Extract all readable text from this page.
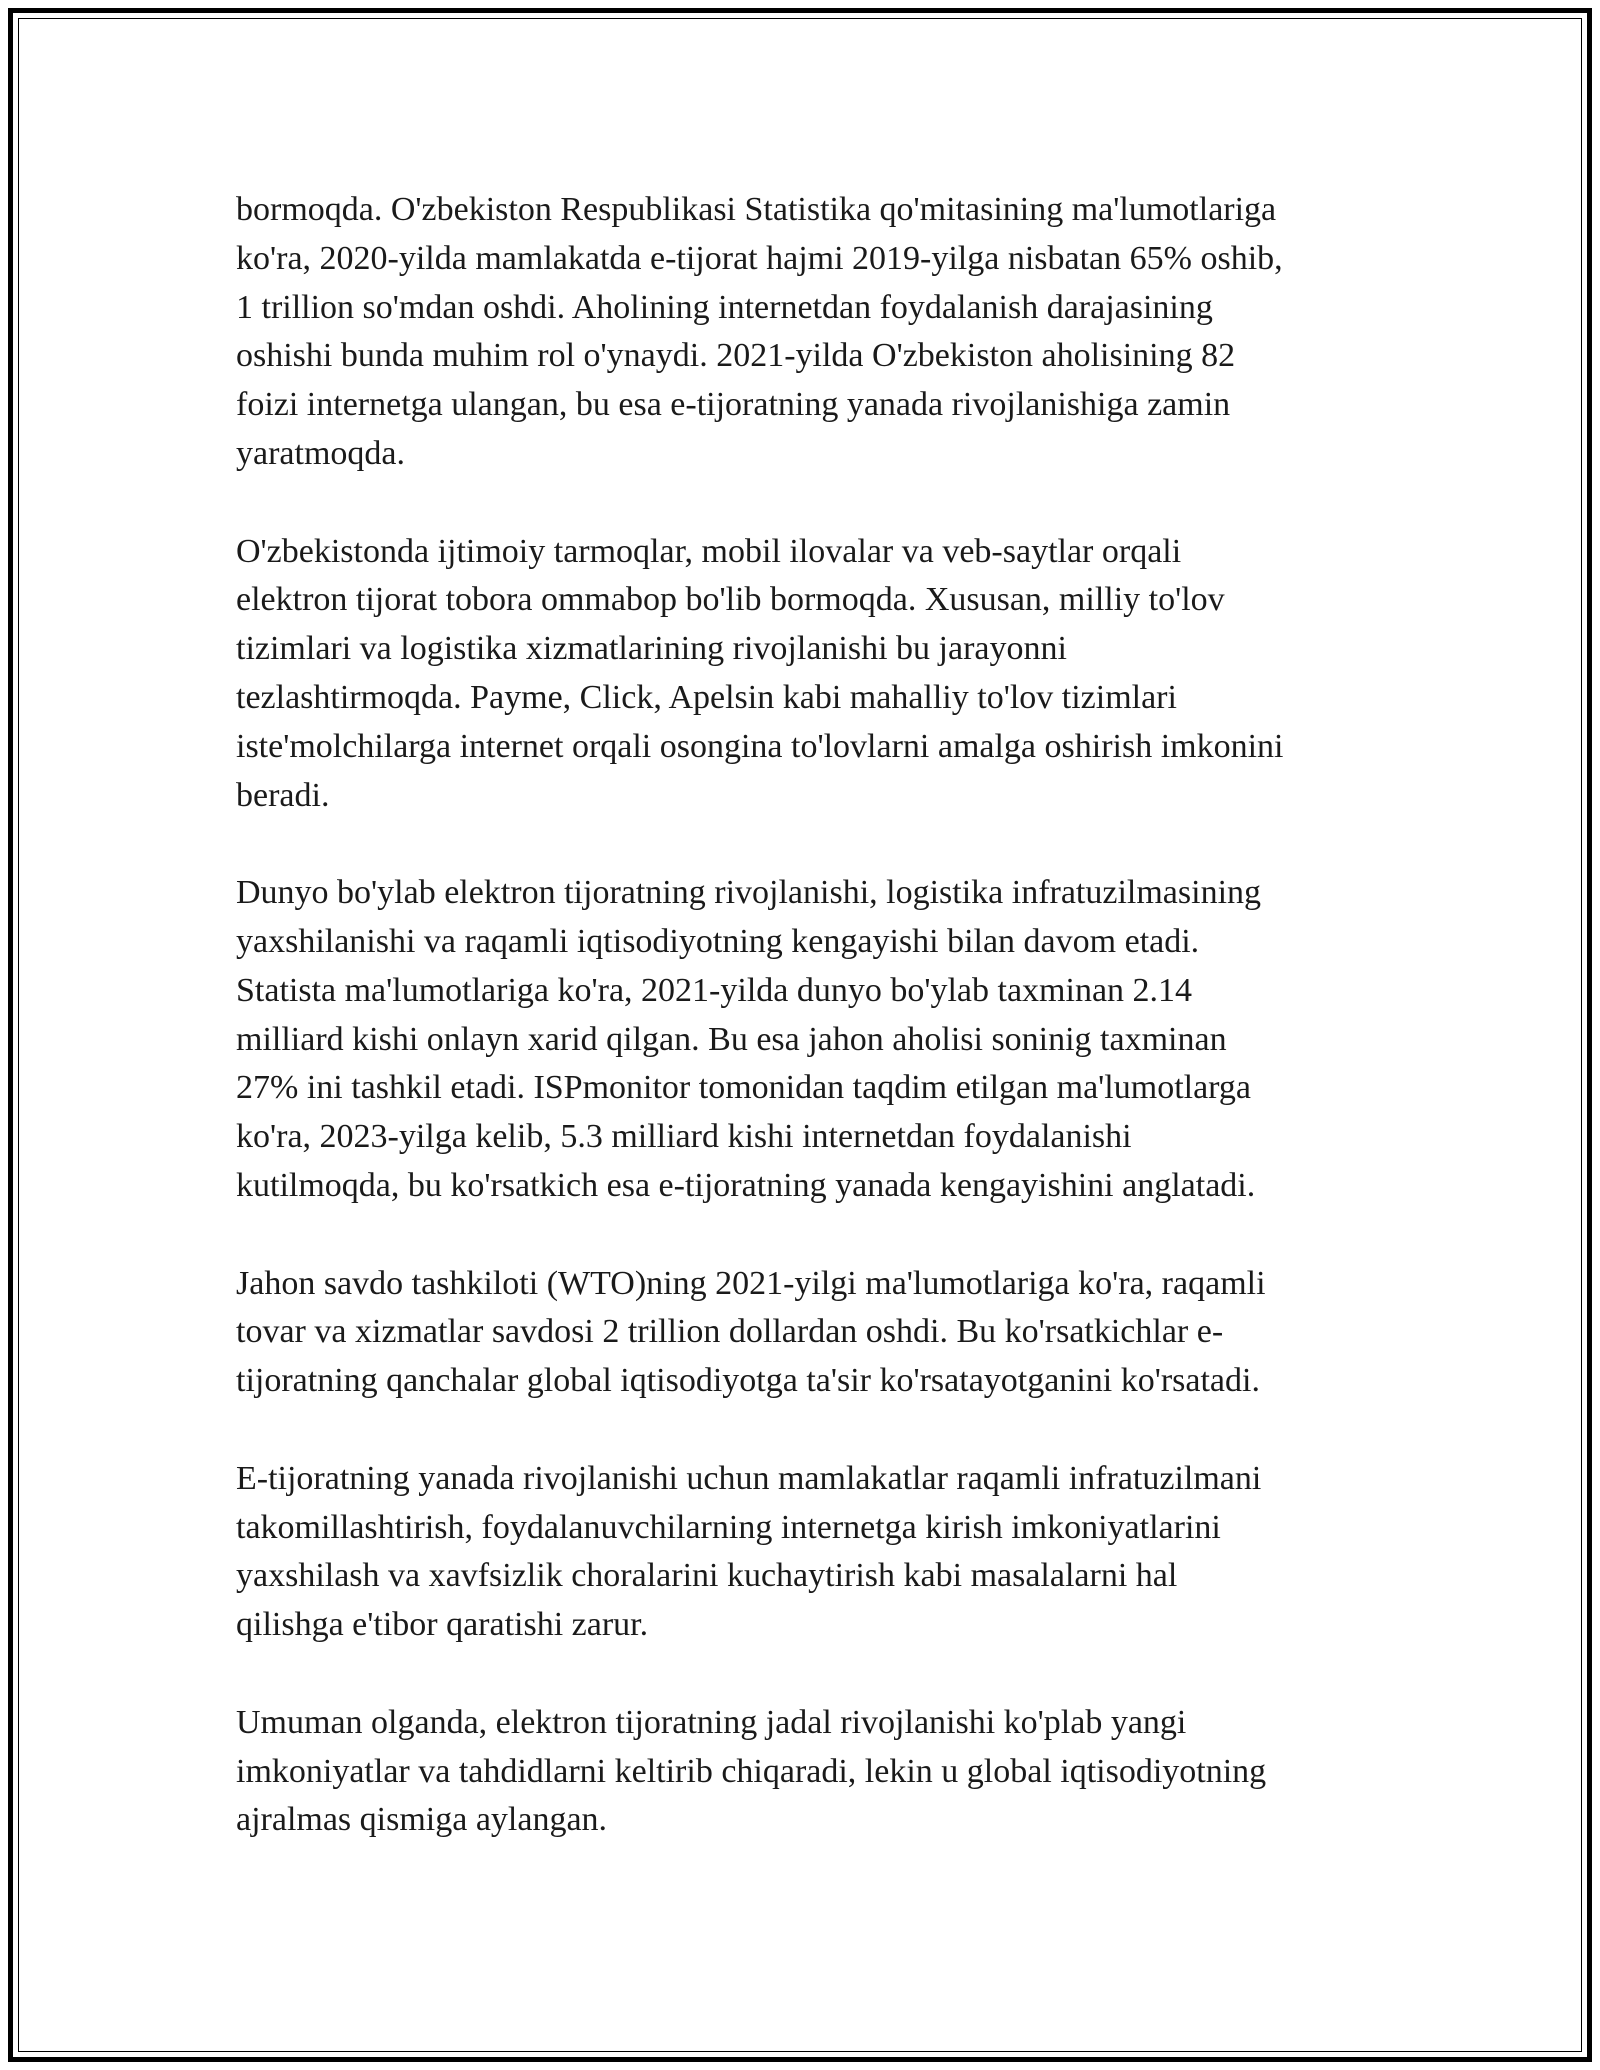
bormoqda. O'zbekiston Respublikasi Statistika qo'mitasining ma'lumotlariga
ko'ra, 2020-yilda mamlakatda e-tijorat hajmi 2019-yilga nisbatan 65% oshib,
1 trillion so'mdan oshdi. Aholining internetdan foydalanish darajasining
oshishi bunda muhim rol o'ynaydi. 2021-yilda O'zbekiston aholisining 82
foizi internetga ulangan, bu esa e-tijoratning yanada rivojlanishiga zamin
yaratmoqda.

O'zbekistonda ijtimoiy tarmoqlar, mobil ilovalar va veb-saytlar orqali
elektron tijorat tobora ommabop bo'lib bormoqda. Xususan, milliy to'lov
tizimlari va logistika xizmatlarining rivojlanishi bu jarayonni
tezlashtirmoqda. Payme, Click, Apelsin kabi mahalliy to'lov tizimlari
iste'molchilarga internet orqali osongina to'lovlarni amalga oshirish imkonini
beradi.

Dunyo bo'ylab elektron tijoratning rivojlanishi, logistika infratuzilmasining
yaxshilanishi va raqamli iqtisodiyotning kengayishi bilan davom etadi.
Statista ma'lumotlariga ko'ra, 2021-yilda dunyo bo'ylab taxminan 2.14
milliard kishi onlayn xarid qilgan. Bu esa jahon aholisi soninig taxminan
27% ini tashkil etadi. ISPmonitor tomonidan taqdim etilgan ma'lumotlarga
ko'ra, 2023-yilga kelib, 5.3 milliard kishi internetdan foydalanishi
kutilmoqda, bu ko'rsatkich esa e-tijoratning yanada kengayishini anglatadi.

Jahon savdo tashkiloti (WTO)ning 2021-yilgi ma'lumotlariga ko'ra, raqamli
tovar va xizmatlar savdosi 2 trillion dollardan oshdi. Bu ko'rsatkichlar e-
tijoratning qanchalar global iqtisodiyotga ta'sir ko'rsatayotganini ko'rsatadi.

E-tijoratning yanada rivojlanishi uchun mamlakatlar raqamli infratuzilmani
takomillashtirish, foydalanuvchilarning internetga kirish imkoniyatlarini
yaxshilash va xavfsizlik choralarini kuchaytirish kabi masalalarni hal
qilishga e'tibor qaratishi zarur.

Umuman olganda, elektron tijoratning jadal rivojlanishi ko'plab yangi
imkoniyatlar va tahdidlarni keltirib chiqaradi, lekin u global iqtisodiyotning
ajralmas qismiga aylangan.
